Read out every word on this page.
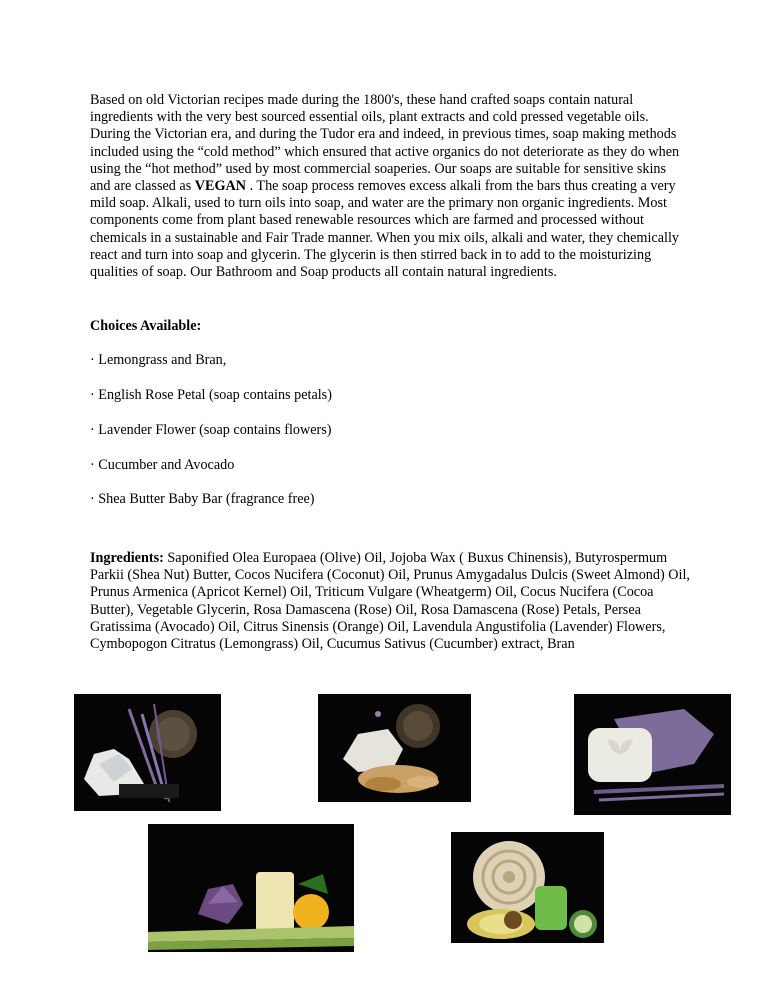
Based on old Victorian recipes made during the 1800's, these hand crafted soaps contain natural ingredients with the very best sourced essential oils, plant extracts and cold pressed vegetable oils. During the Victorian era, and during the Tudor era and indeed, in previous times, soap making methods included using the “cold method” which ensured that active organics do not deteriorate as they do when using the “hot method” used by most commercial soaperies. Our soaps are suitable for sensitive skins and are classed as VEGAN . The soap process removes excess alkali from the bars thus creating a very mild soap. Alkali, used to turn oils into soap, and water are the primary non organic ingredients. Most components come from plant based renewable resources which are farmed and processed without chemicals in a sustainable and Fair Trade manner. When you mix oils, alkali and water, they chemically react and turn into soap and glycerin. The glycerin is then stirred back in to add to the moisturizing qualities of soap. Our Bathroom and Soap products all contain natural ingredients.
Choices Available:
· Lemongrass and Bran,
· English Rose Petal (soap contains petals)
· Lavender Flower (soap contains flowers)
· Cucumber and Avocado
· Shea Butter Baby Bar (fragrance free)
Ingredients: Saponified Olea Europaea (Olive) Oil, Jojoba Wax ( Buxus Chinensis), Butyrospermum Parkii (Shea Nut) Butter, Cocos Nucifera (Coconut) Oil, Prunus Amygadalus Dulcis (Sweet Almond) Oil, Prunus Armenica (Apricot Kernel) Oil, Triticum Vulgare (Wheatgerm) Oil, Cocus Nucifera (Cocoa Butter), Vegetable Glycerin, Rosa Damascena (Rose) Oil, Rosa Damascena (Rose) Petals, Persea Gratissima (Avocado) Oil, Citrus Sinensis (Orange) Oil, Lavendula Angustifolia (Lavender) Flowers, Cymbopogon Citratus (Lemongrass) Oil, Cucumus Sativus (Cucumber) extract, Bran
